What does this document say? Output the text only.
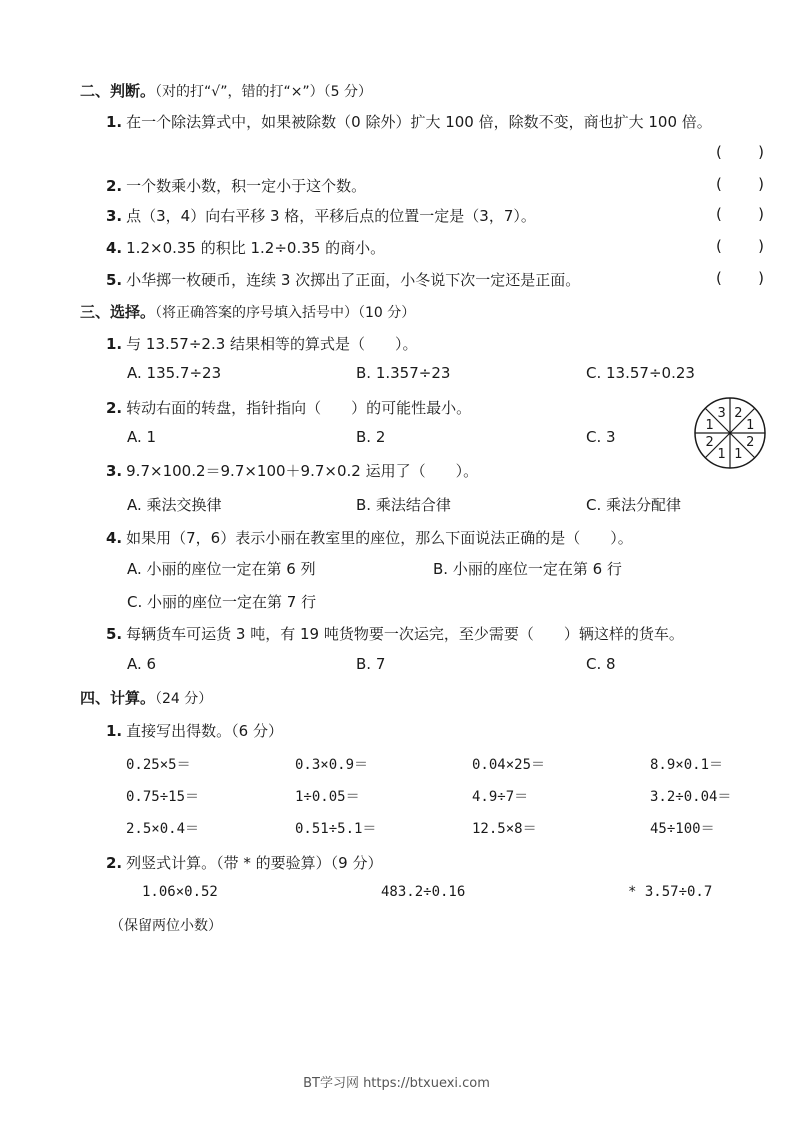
二、判断。（对的打“√”，错的打“×”）（5 分）
1. 在一个除法算式中，如果被除数（0 除外）扩大 100 倍，除数不变，商也扩大 100 倍。
( )
2. 一个数乘小数，积一定小于这个数。	( )
3. 点（3，4）向右平移 3 格，平移后点的位置一定是（3，7）。	( )
4. 1.2×0.35 的积比 1.2÷0.35 的商小。	( )
5. 小华掷一枚硬币，连续 3 次掷出了正面，小冬说下次一定还是正面。	( )
三、选择。（将正确答案的序号填入括号中）（10 分）
1. 与 13.57÷2.3 结果相等的算式是（　　）。
A. 135.7÷23	B. 1.357÷23	C. 13.57÷0.23
2. 转动右面的转盘，指针指向（　　）的可能性最小。
A. 1	B. 2	C. 3
3 2
1
2
1
1
2
1
3. 9.7×100.2＝9.7×100＋9.7×0.2 运用了（　　）。
A. 乘法交换律	B. 乘法结合律	C. 乘法分配律
4. 如果用（7，6）表示小丽在教室里的座位，那么下面说法正确的是（　　）。
A. 小丽的座位一定在第 6 列	B. 小丽的座位一定在第 6 行
C. 小丽的座位一定在第 7 行
5. 每辆货车可运货 3 吨，有 19 吨货物要一次运完，至少需要（　　）辆这样的货车。
A. 6	B. 7	C. 8
四、计算。（24 分）
1. 直接写出得数。（6 分）
0.25×5＝	0.3×0.9＝	0.04×25＝	8.9×0.1＝
0.75÷15＝	1÷0.05＝	4.9÷7＝	3.2÷0.04＝
2.5×0.4＝	0.51÷5.1＝	12.5×8＝	45÷100＝
2. 列竖式计算。（带 * 的要验算）（9 分）
1.06×0.52	483.2÷0.16	* 3.57÷0.7
（保留两位小数）
BT学习网 https://btxuexi.com
